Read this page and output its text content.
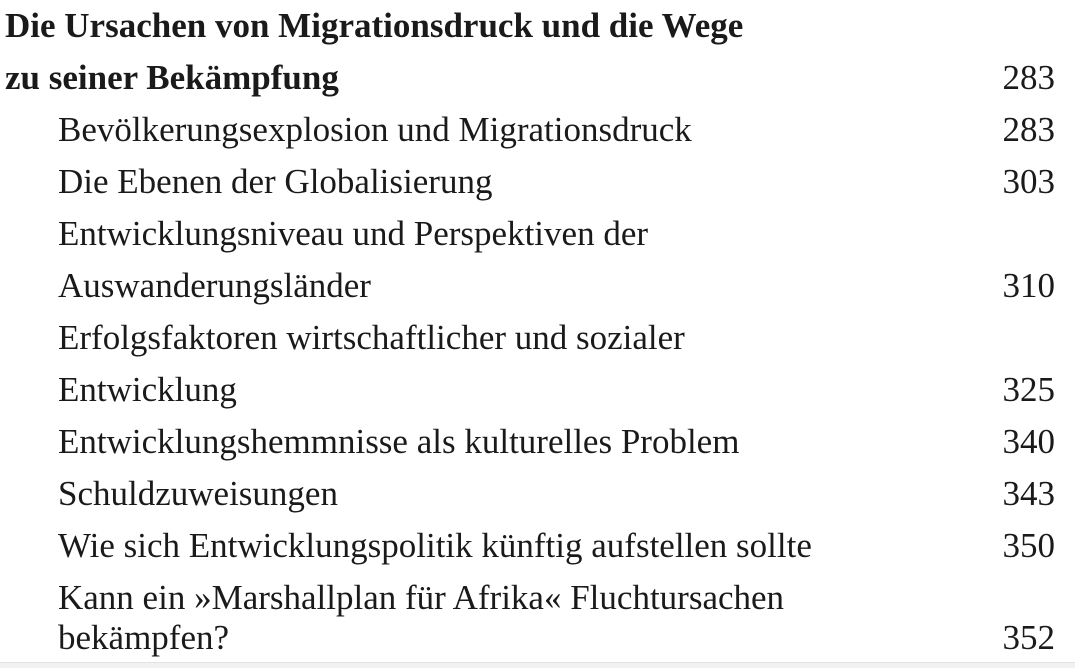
Die Ursachen von Migrationsdruck und die Wege
zu seiner Bekämpfung	283
Bevölkerungsexplosion und Migrationsdruck	283
Die Ebenen der Globalisierung	303
Entwicklungsniveau und Perspektiven der
Auswanderungsländer	310
Erfolgsfaktoren wirtschaftlicher und sozialer
Entwicklung	325
Entwicklungshemmnisse als kulturelles Problem	340
Schuldzuweisungen	343
Wie sich Entwicklungspolitik künftig aufstellen sollte	350
Kann ein »Marshallplan für Afrika« Fluchtursachen
bekämpfen?	352
